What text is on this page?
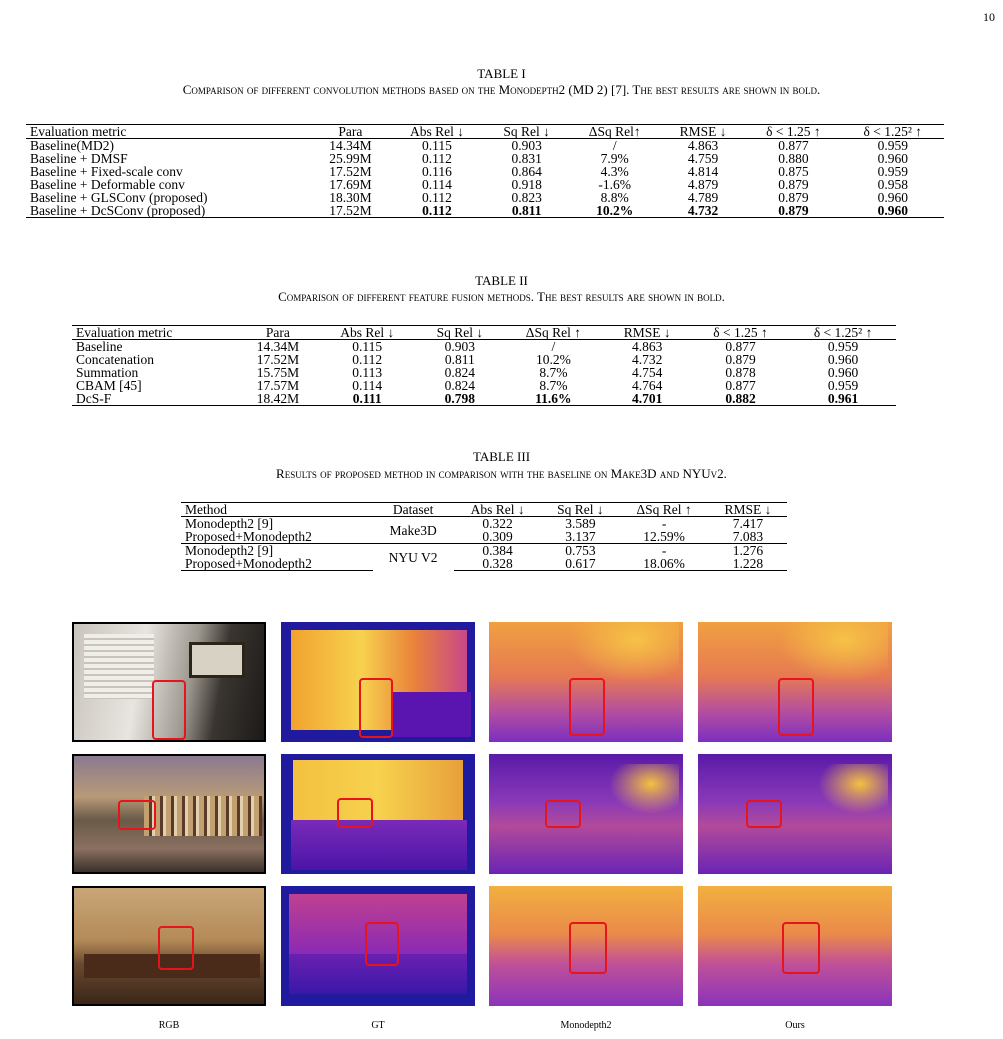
10
TABLE I
Comparison of different convolution methods based on the Monodepth2 (MD 2) [7]. The best results are shown in bold.
Evaluation metric	Para	Abs Rel ↓	Sq Rel ↓	ΔSq Rel↑	RMSE ↓	δ < 1.25 ↑	δ < 1.25² ↑
Baseline(MD2)	14.34M	0.115	0.903	/	4.863	0.877	0.959
Baseline + DMSF	25.99M	0.112	0.831	7.9%	4.759	0.880	0.960
Baseline + Fixed-scale conv	17.52M	0.116	0.864	4.3%	4.814	0.875	0.959
Baseline + Deformable conv	17.69M	0.114	0.918	-1.6%	4.879	0.879	0.958
Baseline + GLSConv (proposed)	18.30M	0.112	0.823	8.8%	4.789	0.879	0.960
Baseline + DcSConv (proposed)	17.52M	0.112	0.811	10.2%	4.732	0.879	0.960
TABLE II
Comparison of different feature fusion methods. The best results are shown in bold.
Evaluation metric	Para	Abs Rel ↓	Sq Rel ↓	ΔSq Rel ↑	RMSE ↓	δ < 1.25 ↑	δ < 1.25² ↑
Baseline	14.34M	0.115	0.903	/	4.863	0.877	0.959
Concatenation	17.52M	0.112	0.811	10.2%	4.732	0.879	0.960
Summation	15.75M	0.113	0.824	8.7%	4.754	0.878	0.960
CBAM [45]	17.57M	0.114	0.824	8.7%	4.764	0.877	0.959
DcS-F	18.42M	0.111	0.798	11.6%	4.701	0.882	0.961
TABLE III
Results of proposed method in comparison with the baseline on Make3D and NYUv2.
Method	Dataset	Abs Rel ↓	Sq Rel ↓	ΔSq Rel ↑	RMSE ↓
Monodepth2 [9]	Make3D	0.322	3.589	-	7.417
Proposed+Monodepth2		0.309	3.137	12.59%	7.083
Monodepth2 [9]	NYU V2	0.384	0.753	-	1.276
Proposed+Monodepth2		0.328	0.617	18.06%	1.228
RGB	GT	Monodepth2	Ours
